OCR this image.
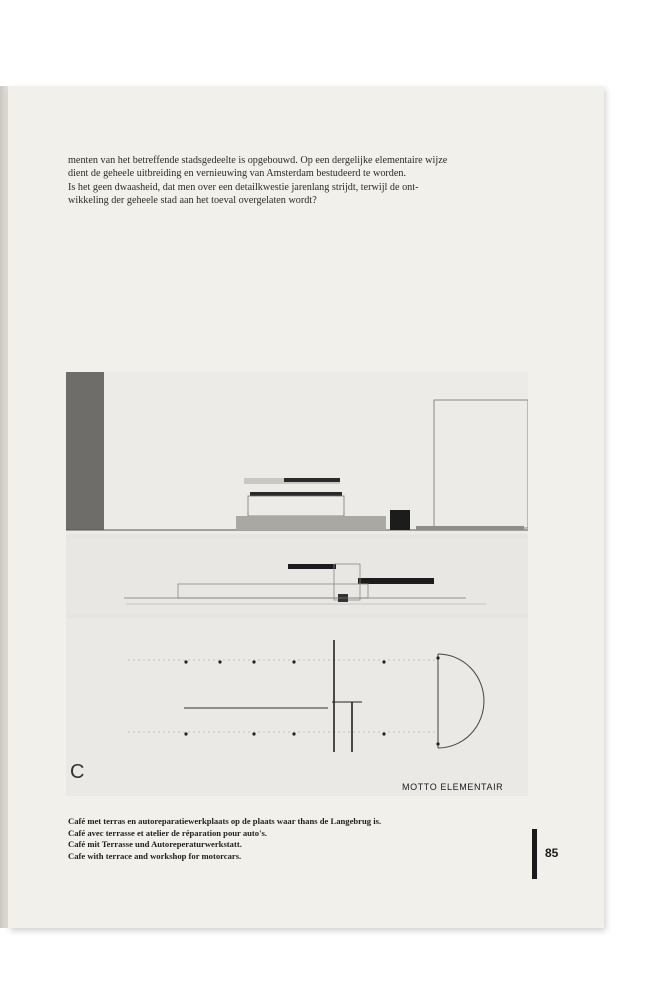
menten van het betreffende stadsgedeelte is opgebouwd. Op een dergelijke elementaire wijze

dient de geheele uitbreiding en vernieuwing van Amsterdam bestudeerd te worden.

Is het geen dwaasheid, dat men over een detailkwestie jarenlang strijdt, terwijl de ont-

wikkeling der geheele stad aan het toeval overgelaten wordt?

C
MOTTO ELEMENTAIR
Café met terras en autoreparatiewerkplaats op de plaats waar thans de Langebrug is.
Café avec terrasse et atelier de réparation pour auto's.
Café mit Terrasse und Autoreperaturwerkstatt.
Cafe with terrace and workshop for motorcars.	85
